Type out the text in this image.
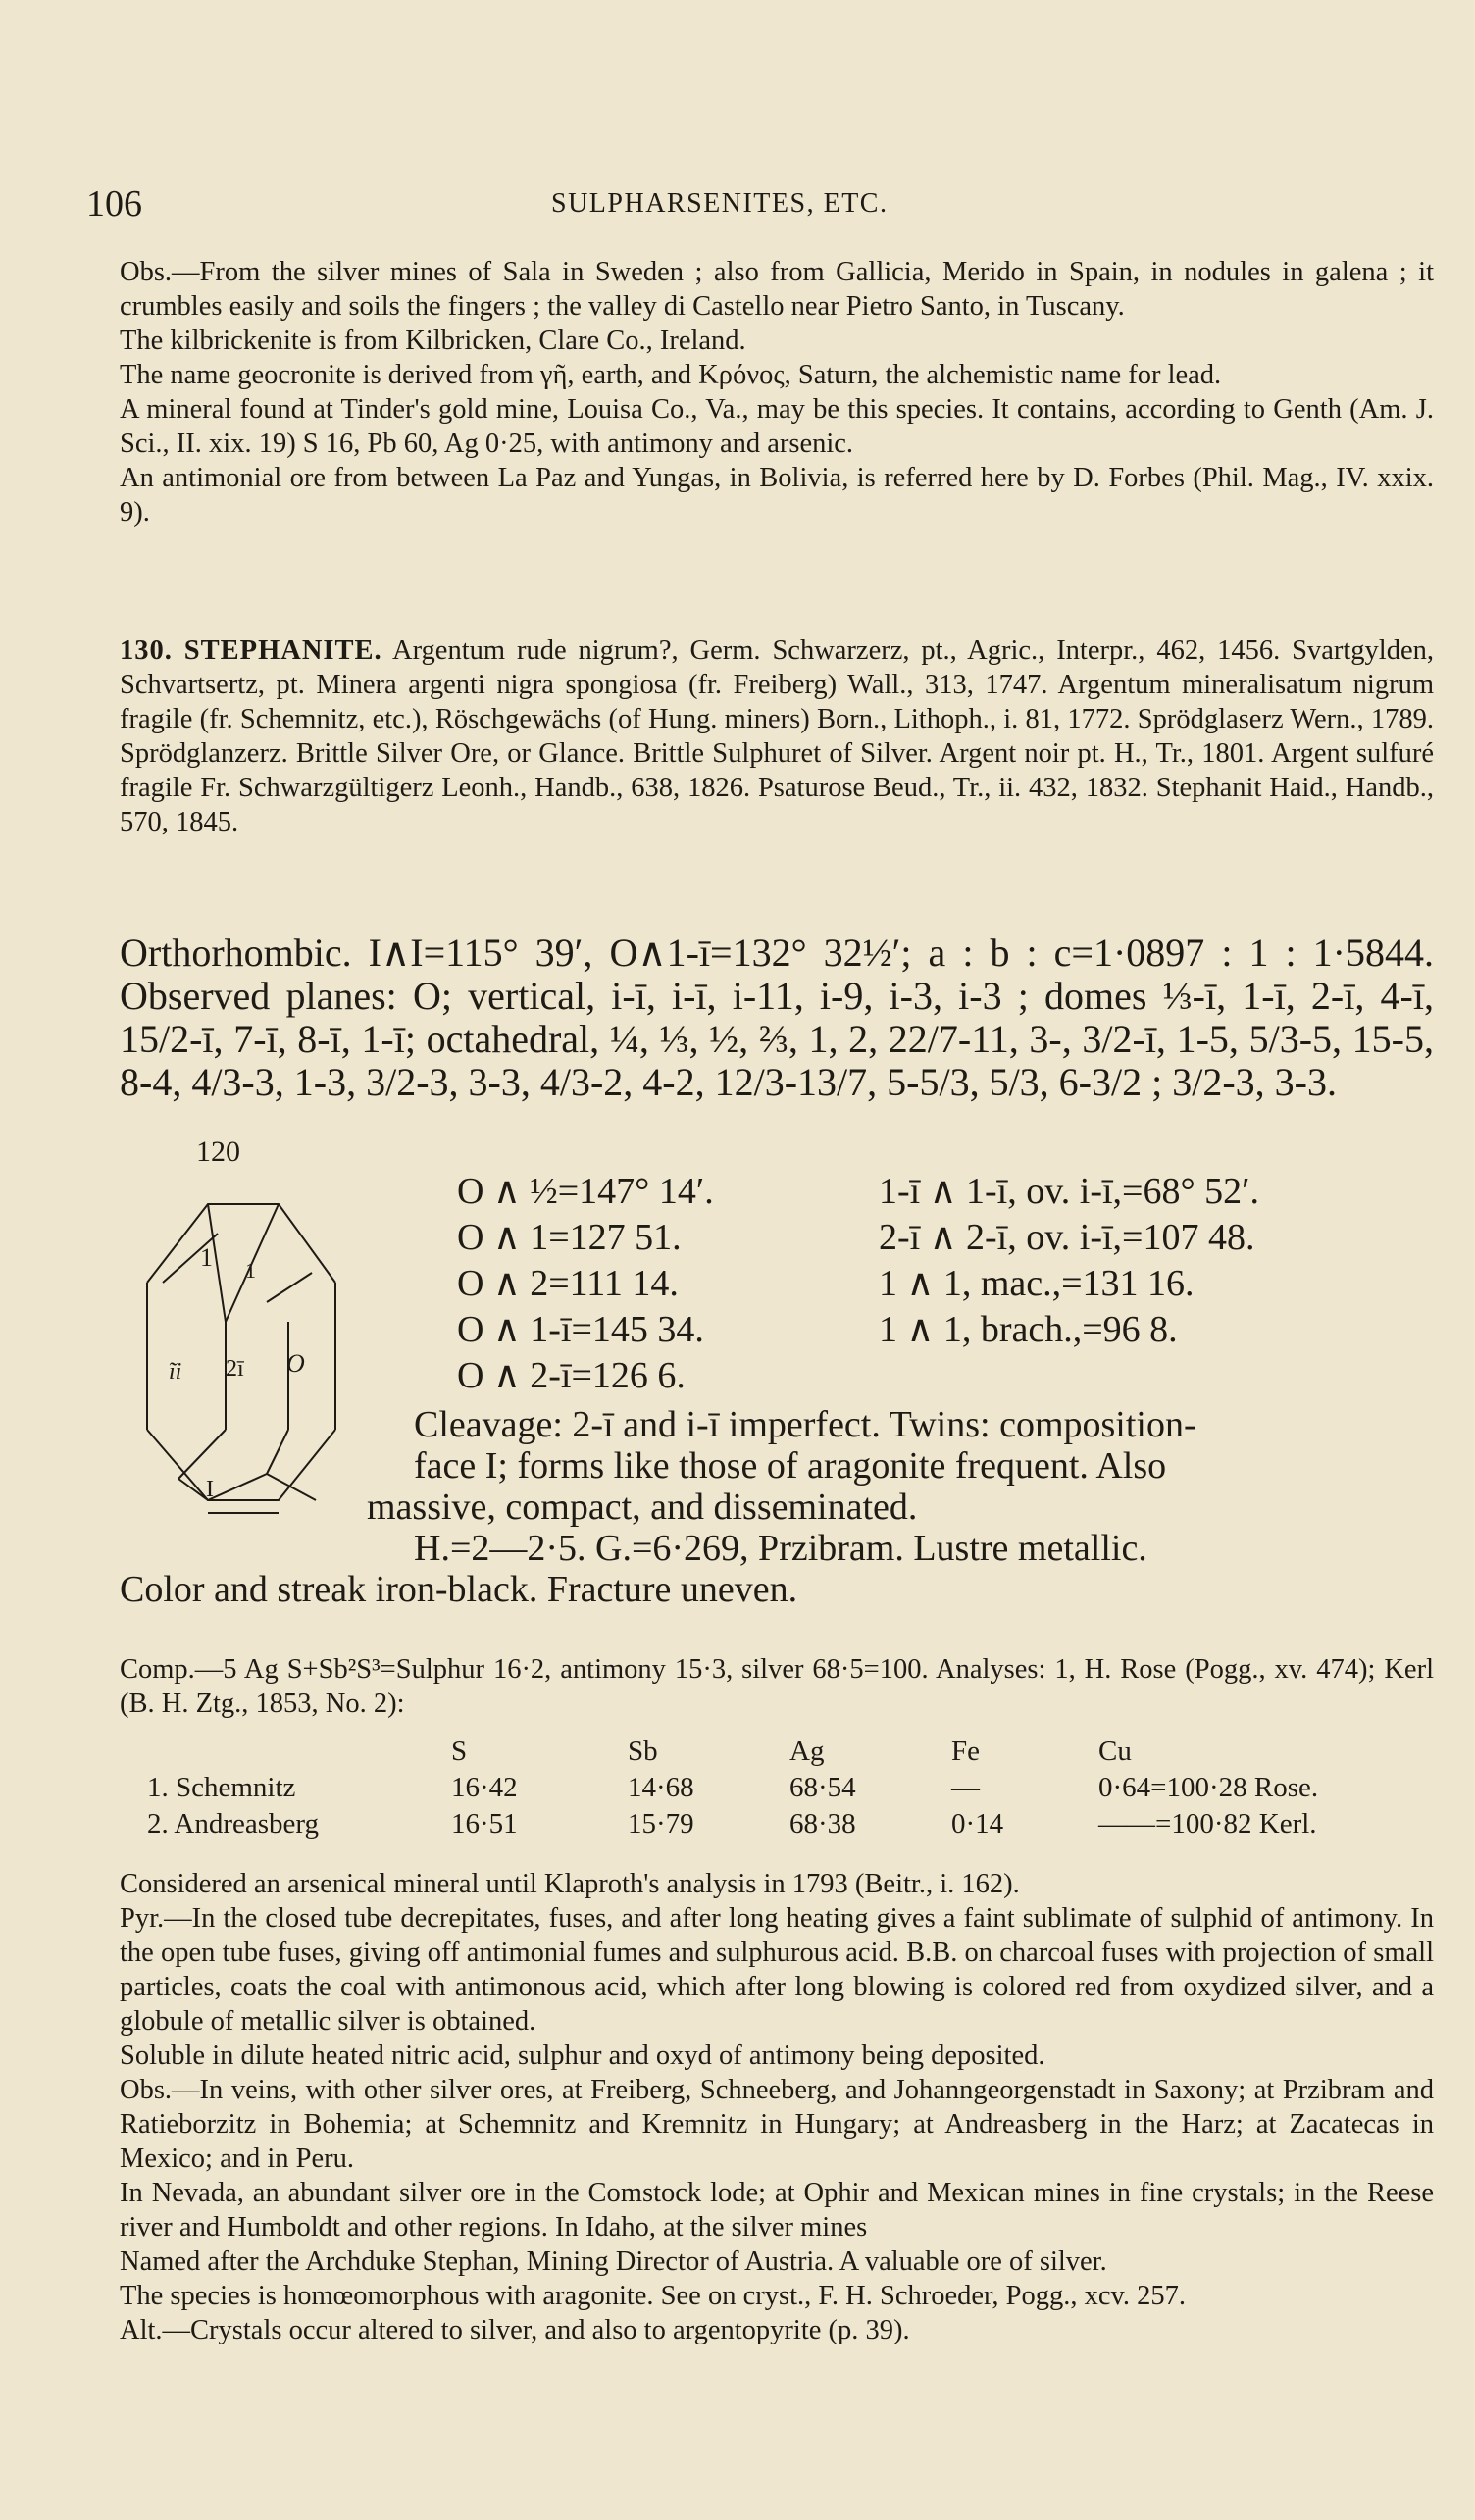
106	SULPHARSENITES, ETC.

Obs.—From the silver mines of Sala in Sweden ; also from Gallicia, Merido in Spain, in nodules in galena ; it crumbles easily and soils the fingers ; the valley di Castello near Pietro Santo, in Tuscany.

The kilbrickenite is from Kilbricken, Clare Co., Ireland.

The name geocronite is derived from γῆ, earth, and Κρόνος, Saturn, the alchemistic name for lead.

A mineral found at Tinder's gold mine, Louisa Co., Va., may be this species. It contains, according to Genth (Am. J. Sci., II. xix. 19) S 16, Pb 60, Ag 0·25, with antimony and arsenic.

An antimonial ore from between La Paz and Yungas, in Bolivia, is referred here by D. Forbes (Phil. Mag., IV. xxix. 9).

130. STEPHANITE. Argentum rude nigrum?, Germ. Schwarzerz, pt., Agric., Interpr., 462, 1456. Svartgylden, Schvartsertz, pt. Minera argenti nigra spongiosa (fr. Freiberg) Wall., 313, 1747. Argentum mineralisatum nigrum fragile (fr. Schemnitz, etc.), Röschgewächs (of Hung. miners) Born., Lithoph., i. 81, 1772. Sprödglaserz Wern., 1789. Sprödglanzerz. Brittle Silver Ore, or Glance. Brittle Sulphuret of Silver. Argent noir pt. H., Tr., 1801. Argent sulfuré fragile Fr. Schwarzgültigerz Leonh., Handb., 638, 1826. Psaturose Beud., Tr., ii. 432, 1832. Stephanit Haid., Handb., 570, 1845.

Orthorhombic. I∧I=115° 39′, O∧1-ī=132° 32½′; a : b : c=1·0897 : 1 : 1·5844. Observed planes: O; vertical, i-ī, i-ī, i-11, i-9, i-3, i-3 ; domes ⅓-ī, 1-ī, 2-ī, 4-ī, 15/2-ī, 7-ī, 8-ī, 1-ī; octahedral, ¼, ⅓, ½, ⅔, 1, 2, 22/7-11, 3-, 3/2-ī, 1-5, 5/3-5, 15-5, 8-4, 4/3-3, 1-3, 3/2-3, 3-3, 4/3-2, 4-2, 12/3-13/7, 5-5/3, 5/3, 6-3/2 ; 3/2-3, 3-3.

120
1 1
ĩi 2ī O
I
O ∧ ½=147° 14′.
O ∧ 1=127 51.
O ∧ 2=111 14.
O ∧ 1-ī=145 34.
O ∧ 2-ī=126 6.
1-ī ∧ 1-ī, ov. i-ī,=68° 52′.
2-ī ∧ 2-ī, ov. i-ī,=107 48.
1 ∧ 1, mac.,=131 16.
1 ∧ 1, brach.,=96 8.
Cleavage: 2-ī and i-ī imperfect. Twins: composition-
face I; forms like those of aragonite frequent. Also
massive, compact, and disseminated.
H.=2—2·5. G.=6·269, Przibram. Lustre metallic.
Color and streak iron-black. Fracture uneven.

Comp.—5 Ag S+Sb²S³=Sulphur 16·2, antimony 15·3, silver 68·5=100. Analyses: 1, H. Rose (Pogg., xv. 474); Kerl (B. H. Ztg., 1853, No. 2):

	S	Sb	Ag	Fe	Cu
1. Schemnitz	16·42	14·68	68·54	—	0·64=100·28 Rose.
2. Andreasberg	16·51	15·79	68·38	0·14	——=100·82 Kerl.

Considered an arsenical mineral until Klaproth's analysis in 1793 (Beitr., i. 162).

Pyr.—In the closed tube decrepitates, fuses, and after long heating gives a faint sublimate of sulphid of antimony. In the open tube fuses, giving off antimonial fumes and sulphurous acid. B.B. on charcoal fuses with projection of small particles, coats the coal with antimonous acid, which after long blowing is colored red from oxydized silver, and a globule of metallic silver is obtained.

Soluble in dilute heated nitric acid, sulphur and oxyd of antimony being deposited.

Obs.—In veins, with other silver ores, at Freiberg, Schneeberg, and Johanngeorgenstadt in Saxony; at Przibram and Ratieborzitz in Bohemia; at Schemnitz and Kremnitz in Hungary; at Andreasberg in the Harz; at Zacatecas in Mexico; and in Peru.

In Nevada, an abundant silver ore in the Comstock lode; at Ophir and Mexican mines in fine crystals; in the Reese river and Humboldt and other regions. In Idaho, at the silver mines

Named after the Archduke Stephan, Mining Director of Austria. A valuable ore of silver.

The species is homœomorphous with aragonite. See on cryst., F. H. Schroeder, Pogg., xcv. 257.

Alt.—Crystals occur altered to silver, and also to argentopyrite (p. 39).
